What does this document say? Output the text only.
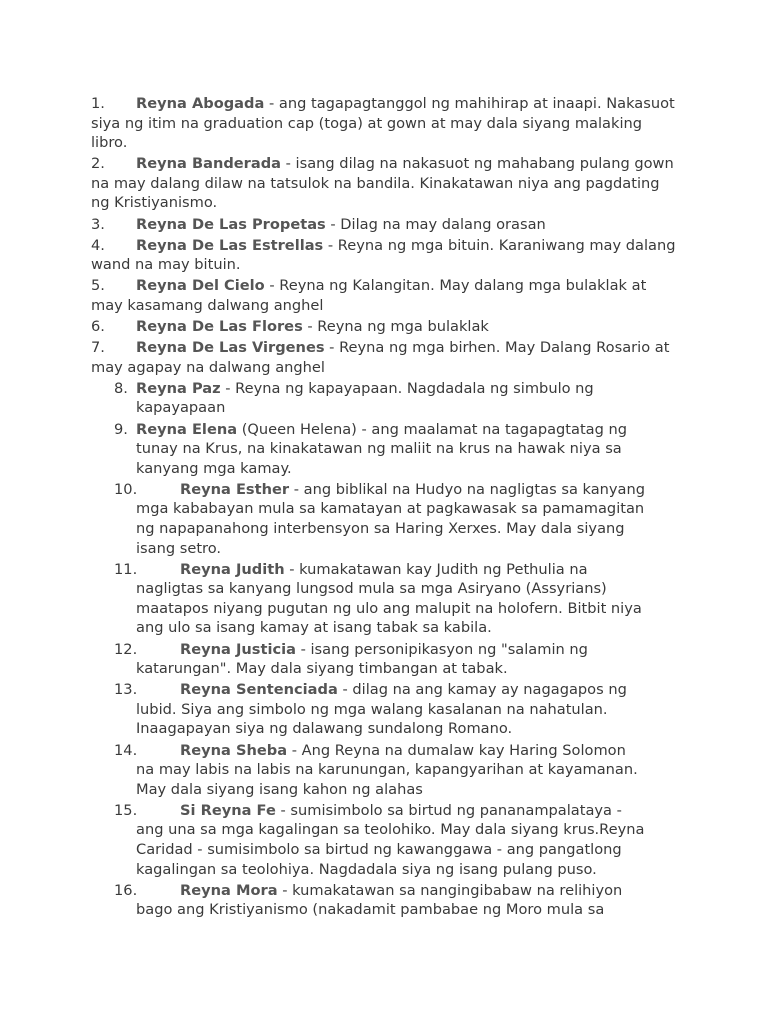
1. Reyna Abogada - ang tagapagtanggol ng mahihirap at inaapi. Nakasuot siya ng itim na graduation cap (toga) at gown at may dala siyang malaking libro.
2. Reyna Banderada - isang dilag na nakasuot ng mahabang pulang gown na may dalang dilaw na tatsulok na bandila. Kinakatawan niya ang pagdating ng Kristiyanismo.
3. Reyna De Las Propetas - Dilag na may dalang orasan
4. Reyna De Las Estrellas - Reyna ng mga bituin. Karaniwang may dalang wand na may bituin.
5. Reyna Del Cielo - Reyna ng Kalangitan. May dalang mga bulaklak at may kasamang dalwang anghel
6. Reyna De Las Flores - Reyna ng mga bulaklak
7. Reyna De Las Virgenes - Reyna ng mga birhen. May Dalang Rosario at may agapay na dalwang anghel
8. Reyna Paz - Reyna ng kapayapaan. Nagdadala ng simbulo ng kapayapaan
9. Reyna Elena (Queen Helena) - ang maalamat na tagapagtatag ng tunay na Krus, na kinakatawan ng maliit na krus na hawak niya sa kanyang mga kamay.
10.	Reyna Esther - ang biblikal na Hudyo na nagligtas sa kanyang mga kababayan mula sa kamatayan at pagkawasak sa pamamagitan ng napapanahong interbensyon sa Haring Xerxes. May dala siyang isang setro.
11.	Reyna Judith - kumakatawan kay Judith ng Pethulia na nagligtas sa kanyang lungsod mula sa mga Asiryano (Assyrians) maatapos niyang pugutan ng ulo ang malupit na holofern. Bitbit niya ang ulo sa isang kamay at isang tabak sa kabila.
12.	Reyna Justicia - isang personipikasyon ng "salamin ng katarungan". May dala siyang timbangan at tabak.
13.	Reyna Sentenciada - dilag na ang kamay ay nagagapos ng lubid. Siya ang simbolo ng mga walang kasalanan na nahatulan. Inaagapayan siya ng dalawang sundalong Romano.
14.	Reyna Sheba - Ang Reyna na dumalaw kay Haring Solomon na may labis na labis na karunungan, kapangyarihan at kayamanan. May dala siyang isang kahon ng alahas
15.	Si Reyna Fe - sumisimbolo sa birtud ng pananampalataya - ang una sa mga kagalingan sa teolohiko. May dala siyang krus.Reyna Caridad - sumisimbolo sa birtud ng kawanggawa - ang pangatlong kagalingan sa teolohiya. Nagdadala siya ng isang pulang puso.
16.	Reyna Mora - kumakatawan sa nangingibabaw na relihiyon bago ang Kristiyanismo (nakadamit pambabae ng Moro mula sa
